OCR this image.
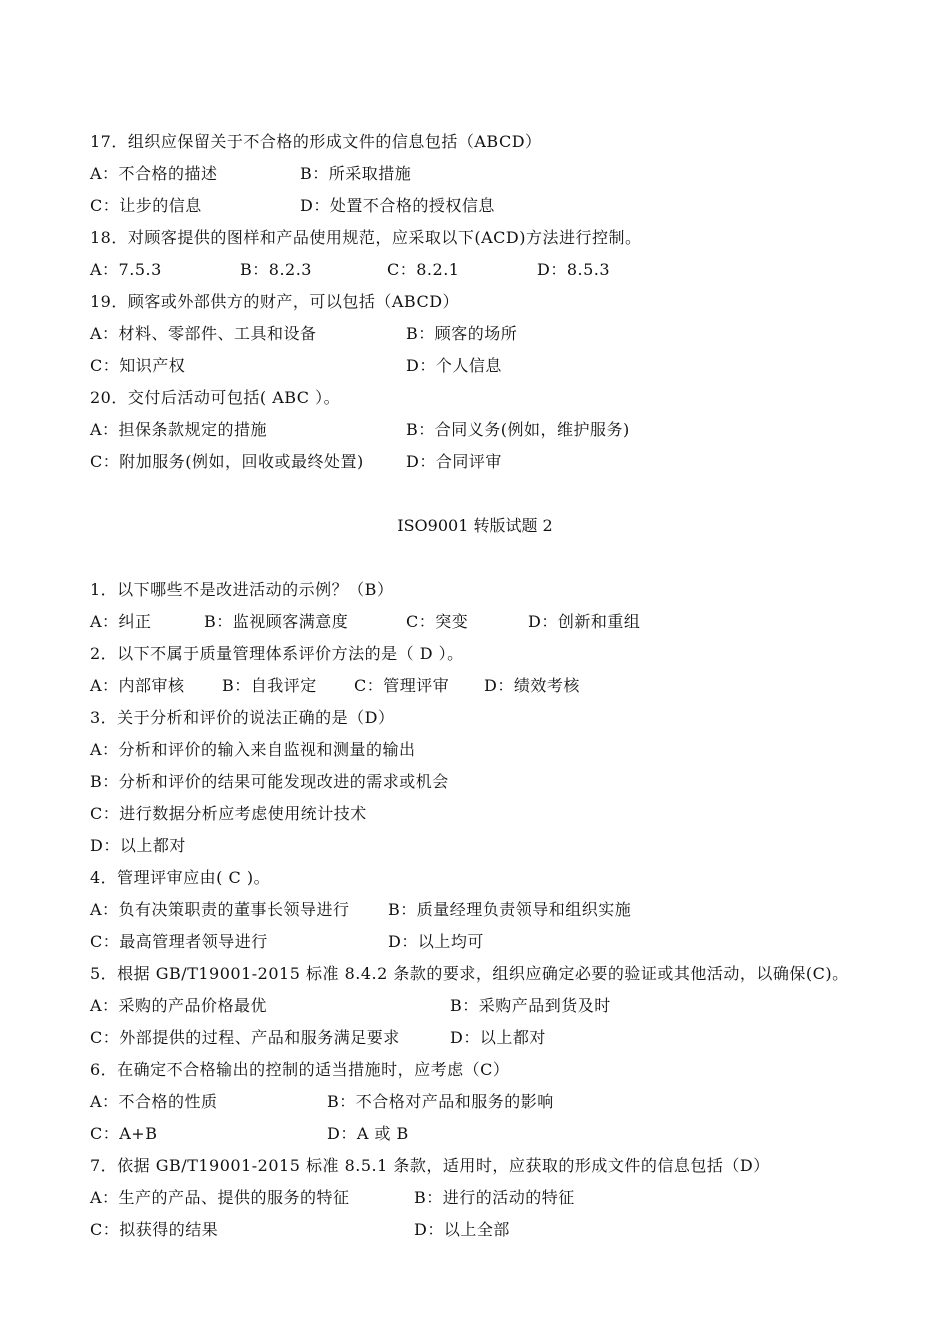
17．组织应保留关于不合格的形成文件的信息包括（ABCD）
A：不合格的描述	B：所采取措施
C：让步的信息	D：处置不合格的授权信息
18．对顾客提供的图样和产品使用规范，应采取以下(ACD)方法进行控制。
A：7.5.3	B：8.2.3	C：8.2.1	D：8.5.3
19．顾客或外部供方的财产，可以包括（ABCD）
A：材料、零部件、工具和设备	B：顾客的场所
C：知识产权	D：个人信息
20．交付后活动可包括( ABC ）。
A：担保条款规定的措施	B：合同义务(例如，维护服务)
C：附加服务(例如，回收或最终处置)	D：合同评审
ISO9001 转版试题 2
1．以下哪些不是改进活动的示例？（B）
A：纠正	B：监视顾客满意度	C：突变	D：创新和重组
2．以下不属于质量管理体系评价方法的是（ D ）。
A：内部审核 B：自我评定 C：管理评审 D：绩效考核
3．关于分析和评价的说法正确的是（D）
A：分析和评价的输入来自监视和测量的输出
B：分析和评价的结果可能发现改进的需求或机会
C：进行数据分析应考虑使用统计技术
D：以上都对
4．管理评审应由( C )。
A：负有决策职责的董事长领导进行 B：质量经理负责领导和组织实施
C：最高管理者领导进行	D：以上均可
5．根据 GB/T19001-2015 标准 8.4.2 条款的要求，组织应确定必要的验证或其他活动，以确保(C)。
A：采购的产品价格最优	B：采购产品到货及时
C：外部提供的过程、产品和服务满足要求	D：以上都对
6．在确定不合格输出的控制的适当措施时，应考虑（C）
A：不合格的性质	B：不合格对产品和服务的影响
C：A+B	D：A 或 B
7．依据 GB/T19001-2015 标准 8.5.1 条款，适用时，应获取的形成文件的信息包括（D）
A：生产的产品、提供的服务的特征	B：进行的活动的特征
C：拟获得的结果	D：以上全部
